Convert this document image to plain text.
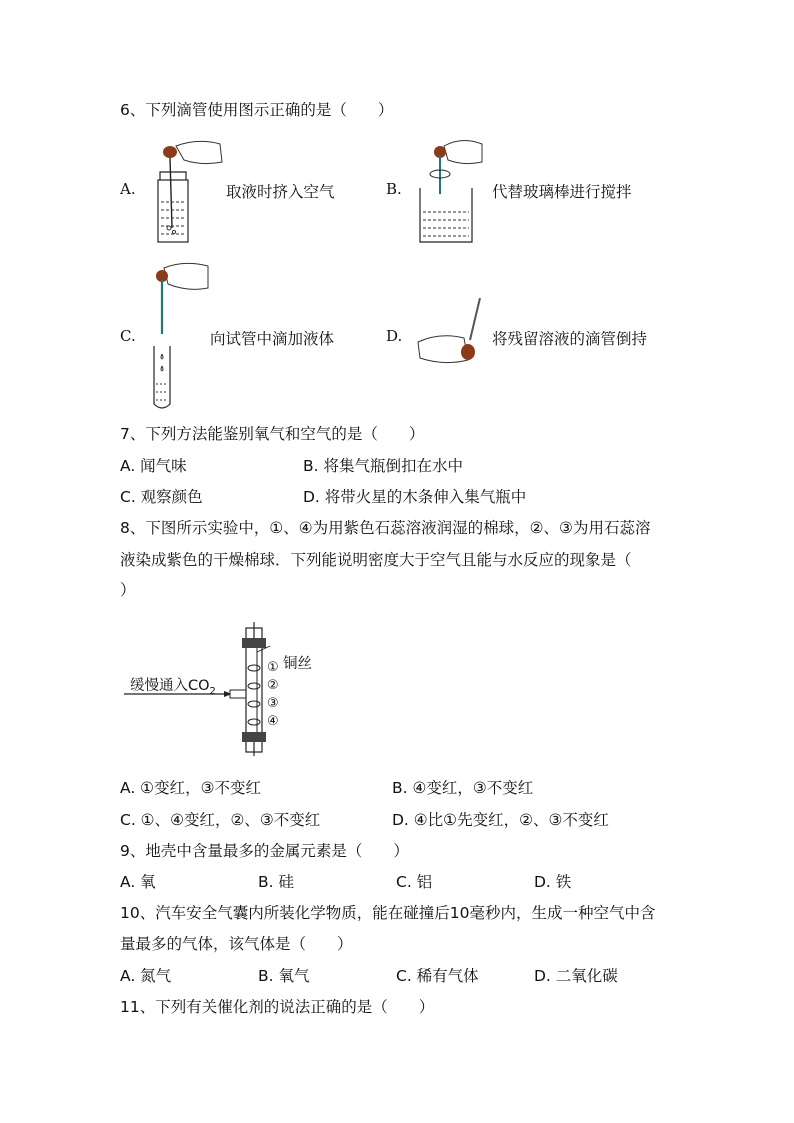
6、下列滴管使用图示正确的是（　　）
A.	取液时挤入空气	B.	代替玻璃棒进行搅拌
C.	向试管中滴加液体	D.	将残留溶液的滴管倒持
7、下列方法能鉴别氧气和空气的是（　　）
A. 闻气味	B. 将集气瓶倒扣在水中
C. 观察颜色	D. 将带火星的木条伸入集气瓶中
8、下图所示实验中，①、④为用紫色石蕊溶液润湿的棉球，②、③为用石蕊溶
液染成紫色的干燥棉球．下列能说明密度大于空气且能与水反应的现象是（
）
缓慢通入$CO_2$
铜丝
①
②
③
④
A. ①变红，③不变红	B. ④变红，③不变红
C. ①、④变红，②、③不变红	D. ④比①先变红，②、③不变红
9、地壳中含量最多的金属元素是（　　）
A. 氧	B. 硅	C. 铝	D. 铁
10、汽车安全气囊内所装化学物质，能在碰撞后10毫秒内，生成一种空气中含
量最多的气体，该气体是（　　）
A. 氮气	B. 氧气	C. 稀有气体	D. 二氧化碳
11、下列有关催化剂的说法正确的是（　　）
